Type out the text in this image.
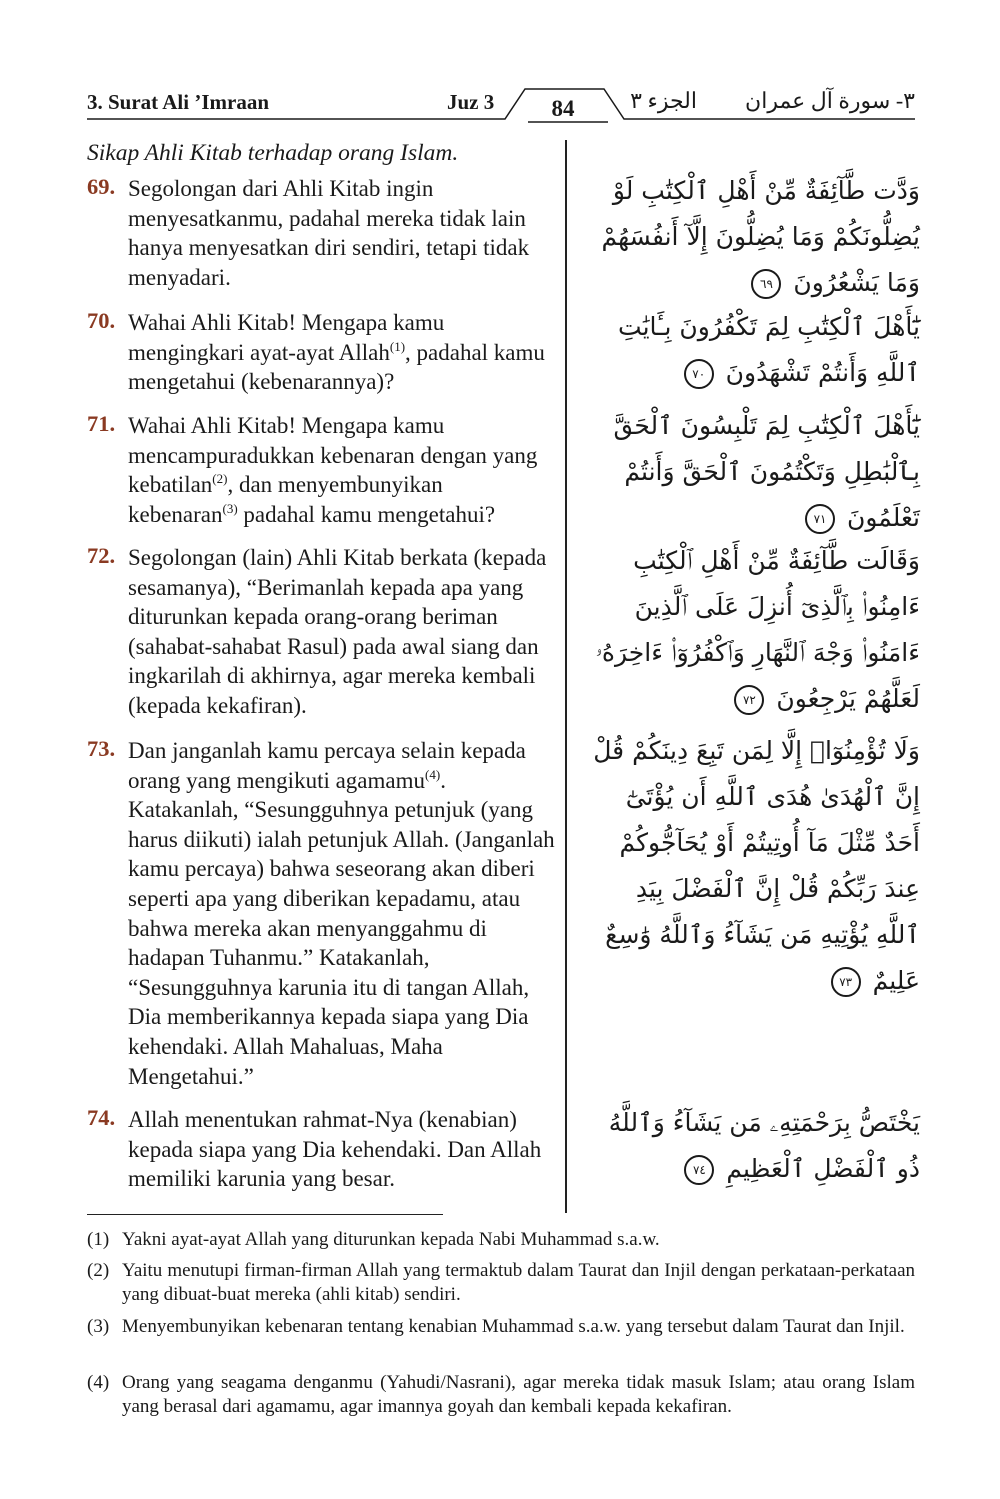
3. Surat Ali ’Imraan	Juz 3	84	الجزء ٣	٣- سورة آل عمران
Sikap Ahli Kitab terhadap orang Islam.
69. Segolongan dari Ahli Kitab ingin menyesatkanmu, padahal mereka tidak lain hanya menyesatkan diri sendiri, tetapi tidak menyadari.
70. Wahai Ahli Kitab! Mengapa kamu mengingkari ayat-ayat Allah$^{(1)}$, padahal kamu mengetahui (kebenarannya)?
71. Wahai Ahli Kitab! Mengapa kamu mencampuradukkan kebenaran dengan yang kebatilan$^{(2)}$, dan menyembunyikan kebenaran$^{(3)}$ padahal kamu mengetahui?
72. Segolongan (lain) Ahli Kitab berkata (kepada sesamanya), “Berimanlah kepada apa yang diturunkan kepada orang-orang beriman (sahabat-sahabat Rasul) pada awal siang dan ingkarilah di akhirnya, agar mereka kembali (kepada kekafiran).
73. Dan janganlah kamu percaya selain kepada orang yang mengikuti agamamu$^{(4)}$. Katakanlah, “Sesungguhnya petunjuk (yang harus diikuti) ialah petunjuk Allah. (Janganlah kamu percaya) bahwa seseorang akan diberi seperti apa yang diberikan kepadamu, atau bahwa mereka akan menyanggahmu di hadapan Tuhanmu.” Katakanlah, “Sesungguhnya karunia itu di tangan Allah, Dia memberikannya kepada siapa yang Dia kehendaki. Allah Mahaluas, Maha Mengetahui.”
74. Allah menentukan rahmat-Nya (kenabian) kepada siapa yang Dia kehendaki. Dan Allah memiliki karunia yang besar.
وَدَّت طَّآئِفَةٌ مِّنْ أَهْلِ ٱلْكِتَٰبِ لَوْ يُضِلُّونَكُمْ وَمَا يُضِلُّونَ إِلَّآ أَنفُسَهُمْ وَمَا يَشْعُرُونَ ٦٩
يَٰٓأَهْلَ ٱلْكِتَٰبِ لِمَ تَكْفُرُونَ بِـَٔايَٰتِ ٱللَّهِ وَأَنتُمْ تَشْهَدُونَ ٧٠
يَٰٓأَهْلَ ٱلْكِتَٰبِ لِمَ تَلْبِسُونَ ٱلْحَقَّ بِٱلْبَٰطِلِ وَتَكْتُمُونَ ٱلْحَقَّ وَأَنتُمْ تَعْلَمُونَ ٧١
وَقَالَت طَّآئِفَةٌ مِّنْ أَهْلِ ٱلْكِتَٰبِ ءَامِنُوا۟ بِٱلَّذِىٓ أُنزِلَ عَلَى ٱلَّذِينَ ءَامَنُوا۟ وَجْهَ ٱلنَّهَارِ وَٱكْفُرُوٓا۟ ءَاخِرَهُۥ لَعَلَّهُمْ يَرْجِعُونَ ٧٢
وَلَا تُؤْمِنُوٓا۟ إِلَّا لِمَن تَبِعَ دِينَكُمْ قُلْ إِنَّ ٱلْهُدَىٰ هُدَى ٱللَّهِ أَن يُؤْتَىٰٓ أَحَدٌ مِّثْلَ مَآ أُوتِيتُمْ أَوْ يُحَآجُّوكُمْ عِندَ رَبِّكُمْ قُلْ إِنَّ ٱلْفَضْلَ بِيَدِ ٱللَّهِ يُؤْتِيهِ مَن يَشَآءُ وَٱللَّهُ وَٰسِعٌ عَلِيمٌ ٧٣
يَخْتَصُّ بِرَحْمَتِهِۦ مَن يَشَآءُ وَٱللَّهُ ذُو ٱلْفَضْلِ ٱلْعَظِيمِ ٧٤
(1) Yakni ayat-ayat Allah yang diturunkan kepada Nabi Muhammad s.a.w.
(2) Yaitu menutupi firman-firman Allah yang termaktub dalam Taurat dan Injil dengan perkataan-perkataan yang dibuat-buat mereka (ahli kitab) sendiri.
(3) Menyembunyikan kebenaran tentang kenabian Muhammad s.a.w. yang tersebut dalam Taurat dan Injil.
(4) Orang yang seagama denganmu (Yahudi/Nasrani), agar mereka tidak masuk Islam; atau orang Islam yang berasal dari agamamu, agar imannya goyah dan kembali kepada kekafiran.
